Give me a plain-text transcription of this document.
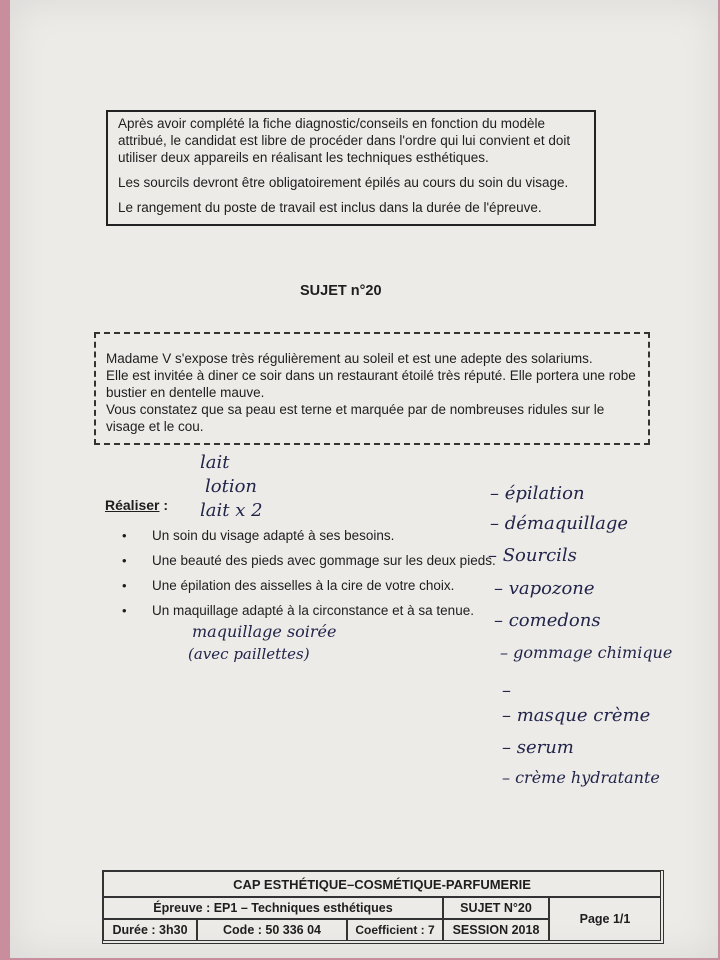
Après avoir complété la fiche diagnostic/conseils en fonction du modèle attribué, le candidat est libre de procéder dans l'ordre qui lui convient et doit utiliser deux appareils en réalisant les techniques esthétiques.

Les sourcils devront être obligatoirement épilés au cours du soin du visage.

Le rangement du poste de travail est inclus dans la durée de l'épreuve.

SUJET n°20

Madame V s'expose très régulièrement au soleil et est une adepte des solariums.

Elle est invitée à diner ce soir dans un restaurant étoilé très réputé. Elle portera une robe bustier en dentelle mauve.

Vous constatez que sa peau est terne et marquée par de nombreuses ridules sur le visage et le cou.

Réaliser :
• Un soin du visage adapté à ses besoins.
• Une beauté des pieds avec gommage sur les deux pieds.
• Une épilation des aisselles à la cire de votre choix.
• Un maquillage adapté à la circonstance et à sa tenue.
lait
lotion
lait x 2
maquillage soirée
(avec paillettes)
– épilation
– démaquillage
– Sourcils
– vapozone
– comedons
– gommage chimique
–
– masque crème
– serum
– crème hydratante
CAP ESTHÉTIQUE–COSMÉTIQUE-PARFUMERIE
Épreuve : EP1 – Techniques esthétiques	SUJET N°20
Page 1/1
Durée : 3h30	Code : 50 336 04	Coefficient : 7	SESSION 2018
